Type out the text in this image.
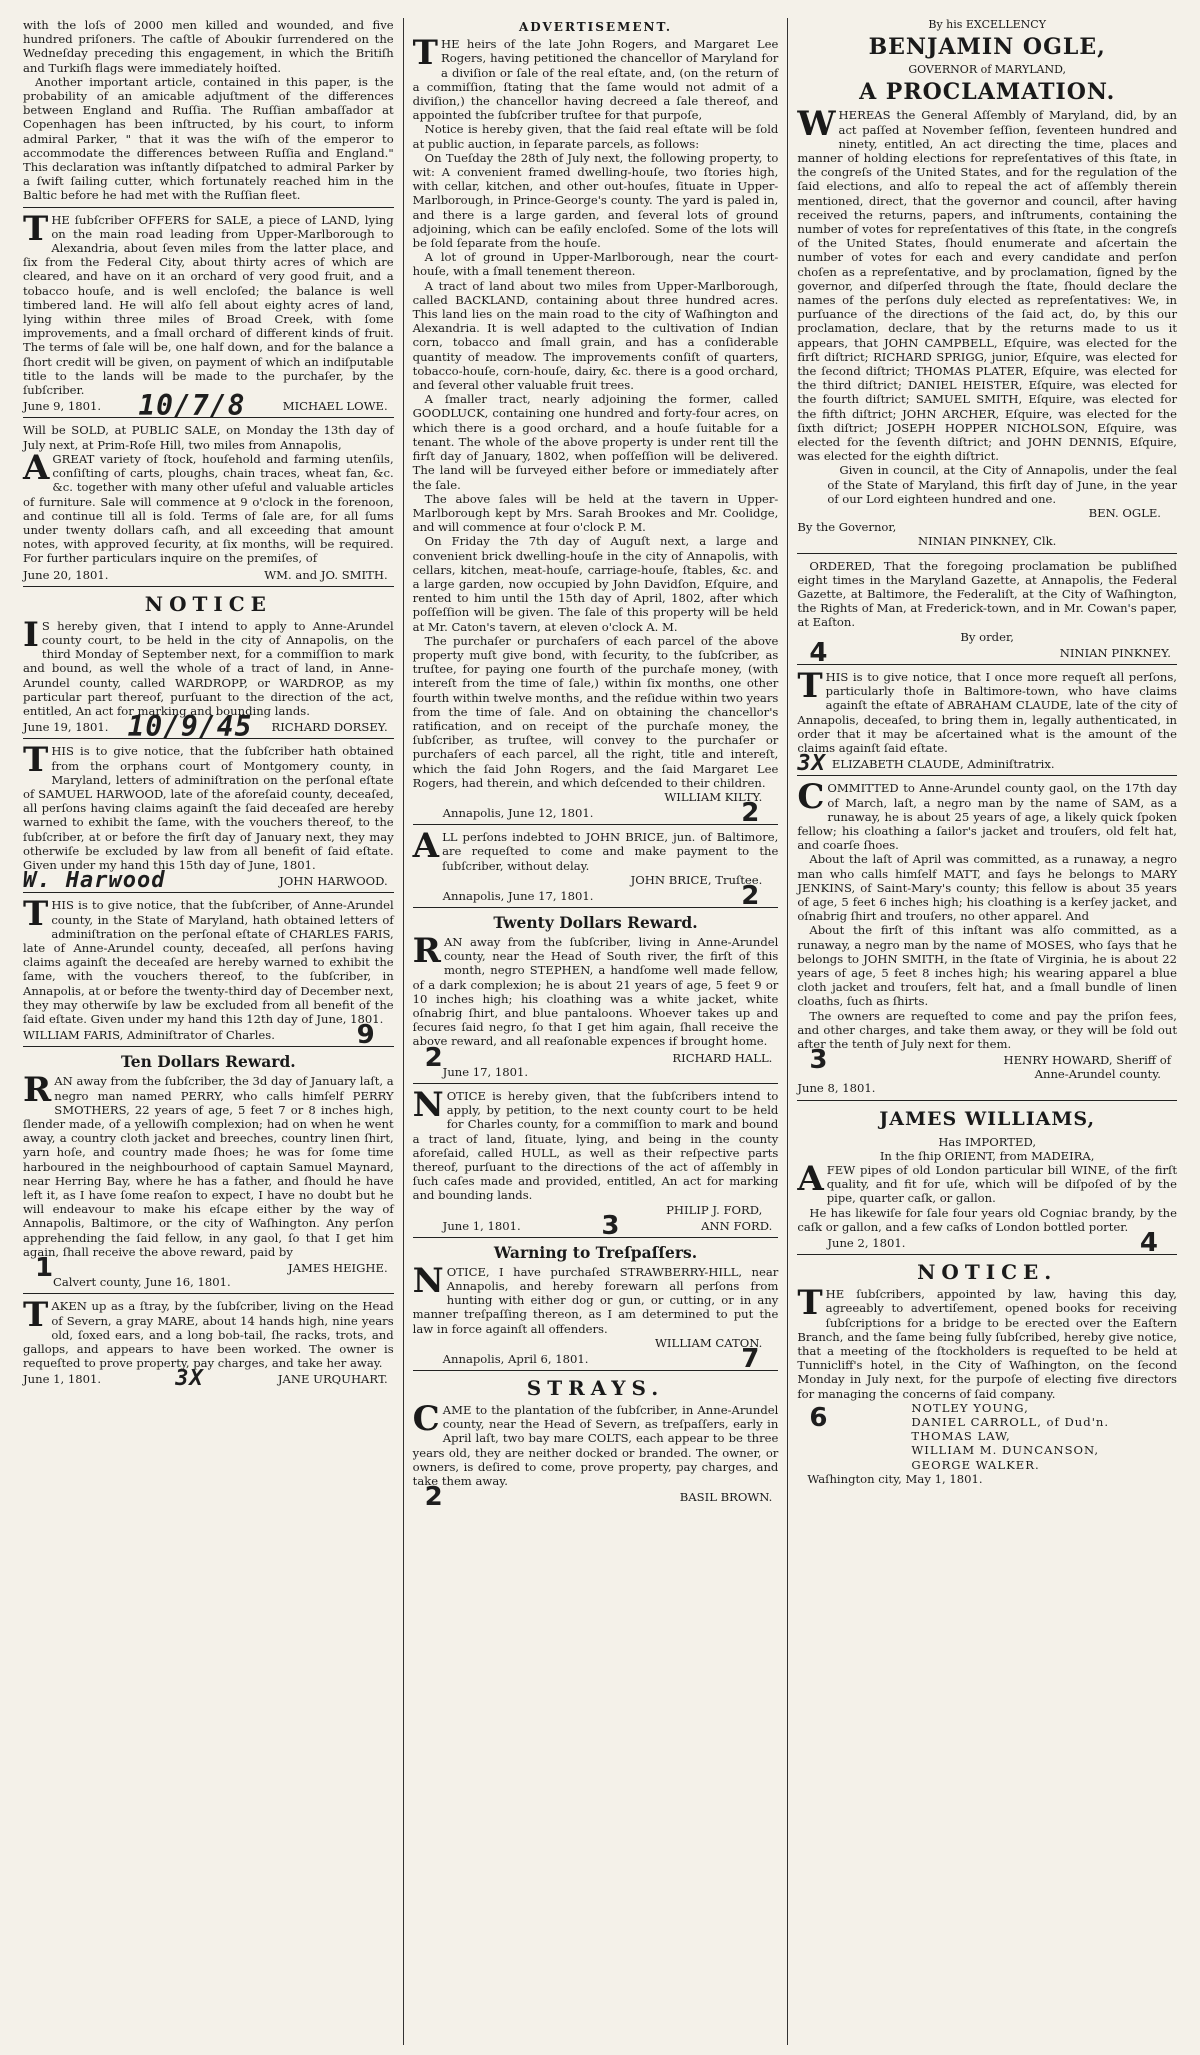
with the loſs of 2000 men killed and wounded, and five hundred priſoners. The caſtle of Aboukir ſurrendered on the Wedneſday preceding this engagement, in which the Britiſh and Turkiſh flags were immediately hoiſted.

Another important article, contained in this paper, is the probability of an amicable adjuſtment of the differences between England and Ruſſia. The Ruſſian ambaſſador at Copenhagen has been inſtructed, by his court, to inform admiral Parker, " that it was the wiſh of the emperor to accommodate the differences between Ruſſia and England." This declaration was inſtantly diſpatched to admiral Parker by a ſwift ſailing cutter, which fortunately reached him in the Baltic before he had met with the Ruſſian fleet.

THE ſubſcriber OFFERS for SALE, a piece of LAND, lying on the main road leading from Upper-Marlborough to Alexandria, about ſeven miles from the latter place, and ſix from the Federal City, about thirty acres of which are cleared, and have on it an orchard of very good fruit, and a tobacco houſe, and is well encloſed; the balance is well timbered land. He will alſo ſell about eighty acres of land, lying within three miles of Broad Creek, with ſome improvements, and a ſmall orchard of different kinds of fruit. The terms of ſale will be, one half down, and for the balance a ſhort credit will be given, on payment of which an indiſputable title to the lands will be made to the purchaſer, by the ſubſcriber.

June 9, 1801. 10/7/8	MICHAEL LOWE.

Will be SOLD, at PUBLIC SALE, on Monday the 13th day of July next, at Prim-Roſe Hill, two miles from Annapolis,

AGREAT variety of ſtock, houſehold and farming utenſils, conſiſting of carts, ploughs, chain traces, wheat fan, &c. &c. together with many other uſeful and valuable articles of furniture. Sale will commence at 9 o'clock in the forenoon, and continue till all is ſold. Terms of ſale are, for all ſums under twenty dollars caſh, and all exceeding that amount notes, with approved ſecurity, at ſix months, will be required. For further particulars inquire on the premiſes, of

June 20, 1801.	WM. and JO. SMITH.
NOTICE

IS hereby given, that I intend to apply to Anne-Arundel county court, to be held in the city of Annapolis, on the third Monday of September next, for a commiſſion to mark and bound, as well the whole of a tract of land, in Anne-Arundel county, called WARDROPP, or WARDROP, as my particular part thereof, purſuant to the direction of the act, entitled, An act for marking and bounding lands.

June 19, 1801. 10/9/45 RICHARD DORSEY.

THIS is to give notice, that the ſubſcriber hath obtained from the orphans court of Montgomery county, in Maryland, letters of adminiſtration on the perſonal eſtate of SAMUEL HARWOOD, late of the aforeſaid county, deceaſed, all perſons having claims againſt the ſaid deceaſed are hereby warned to exhibit the ſame, with the vouchers thereof, to the ſubſcriber, at or before the firſt day of January next, they may otherwiſe be excluded by law from all benefit of ſaid eſtate. Given under my hand this 15th day of June, 1801.

W. Harwood	JOHN HARWOOD.

THIS is to give notice, that the ſubſcriber, of Anne-Arundel county, in the State of Maryland, hath obtained letters of adminiſtration on the perſonal eſtate of CHARLES FARIS, late of Anne-Arundel county, deceaſed, all perſons having claims againſt the deceaſed are hereby warned to exhibit the ſame, with the vouchers thereof, to the ſubſcriber, in Annapolis, at or before the twenty-third day of December next, they may otherwiſe by law be excluded from all benefit of the ſaid eſtate. Given under my hand this 12th day of June, 1801.

WILLIAM FARIS, Adminiſtrator of Charles.	9
Ten Dollars Reward.

RAN away from the ſubſcriber, the 3d day of January laſt, a negro man named PERRY, who calls himſelf PERRY SMOTHERS, 22 years of age, 5 feet 7 or 8 inches high, ſlender made, of a yellowiſh complexion; had on when he went away, a country cloth jacket and breeches, country linen ſhirt, yarn hoſe, and country made ſhoes; he was for ſome time harboured in the neighbourhood of captain Samuel Maynard, near Herring Bay, where he has a father, and ſhould he have left it, as I have ſome reaſon to expect, I have no doubt but he will endeavour to make his eſcape either by the way of Annapolis, Baltimore, or the city of Waſhington. Any perſon apprehending the ſaid fellow, in any gaol, ſo that I get him again, ſhall receive the above reward, paid by

1	JAMES HEIGHE.
Calvert county, June 16, 1801.

TAKEN up as a ſtray, by the ſubſcriber, living on the Head of Severn, a gray MARE, about 14 hands high, nine years old, ſoxed ears, and a long bob-tail, ſhe racks, trots, and gallops, and appears to have been worked. The owner is requeſted to prove property, pay charges, and take her away.

June 1, 1801.	3X	JANE URQUHART.
ADVERTISEMENT.

THE heirs of the late John Rogers, and Margaret Lee Rogers, having petitioned the chancellor of Maryland for a diviſion or ſale of the real eſtate, and, (on the return of a commiſſion, ſtating that the ſame would not admit of a diviſion,) the chancellor having decreed a ſale thereof, and appointed the ſubſcriber truſtee for that purpoſe,

Notice is hereby given, that the ſaid real eſtate will be ſold at public auction, in ſeparate parcels, as follows:

On Tueſday the 28th of July next, the following property, to wit: A convenient framed dwelling-houſe, two ſtories high, with cellar, kitchen, and other out-houſes, ſituate in Upper-Marlborough, in Prince-George's county. The yard is paled in, and there is a large garden, and ſeveral lots of ground adjoining, which can be eaſily encloſed. Some of the lots will be ſold ſeparate from the houſe.

A lot of ground in Upper-Marlborough, near the court-houſe, with a ſmall tenement thereon.

A tract of land about two miles from Upper-Marlborough, called BACKLAND, containing about three hundred acres. This land lies on the main road to the city of Waſhington and Alexandria. It is well adapted to the cultivation of Indian corn, tobacco and ſmall grain, and has a conſiderable quantity of meadow. The improvements conſiſt of quarters, tobacco-houſe, corn-houſe, dairy, &c. there is a good orchard, and ſeveral other valuable fruit trees.

A ſmaller tract, nearly adjoining the former, called GOODLUCK, containing one hundred and forty-four acres, on which there is a good orchard, and a houſe ſuitable for a tenant. The whole of the above property is under rent till the firſt day of January, 1802, when poſſeſſion will be delivered. The land will be ſurveyed either before or immediately after the ſale.

The above ſales will be held at the tavern in Upper-Marlborough kept by Mrs. Sarah Brookes and Mr. Coolidge, and will commence at four o'clock P. M.

On Friday the 7th day of Auguſt next, a large and convenient brick dwelling-houſe in the city of Annapolis, with cellars, kitchen, meat-houſe, carriage-houſe, ſtables, &c. and a large garden, now occupied by John Davidſon, Eſquire, and rented to him until the 15th day of April, 1802, after which poſſeſſion will be given. The ſale of this property will be held at Mr. Caton's tavern, at eleven o'clock A. M.

The purchaſer or purchaſers of each parcel of the above property muſt give bond, with ſecurity, to the ſubſcriber, as truſtee, for paying one fourth of the purchaſe money, (with intereſt from the time of ſale,) within ſix months, one other fourth within twelve months, and the reſidue within two years from the time of ſale. And on obtaining the chancellor's ratification, and on receipt of the purchaſe money, the ſubſcriber, as truſtee, will convey to the purchaſer or purchaſers of each parcel, all the right, title and intereſt, which the ſaid John Rogers, and the ſaid Margaret Lee Rogers, had therein, and which deſcended to their children.

WILLIAM KILTY.
Annapolis, June 12, 1801.	2

ALL perſons indebted to JOHN BRICE, jun. of Baltimore, are requeſted to come and make payment to the ſubſcriber, without delay.

JOHN BRICE, Truſtee.
Annapolis, June 17, 1801.	2
Twenty Dollars Reward.

RAN away from the ſubſcriber, living in Anne-Arundel county, near the Head of South river, the firſt of this month, negro STEPHEN, a handſome well made fellow, of a dark complexion; he is about 21 years of age, 5 feet 9 or 10 inches high; his cloathing was a white jacket, white oſnabrig ſhirt, and blue pantaloons. Whoever takes up and ſecures ſaid negro, ſo that I get him again, ſhall receive the above reward, and all reaſonable expences if brought home.

2	RICHARD HALL.
June 17, 1801.

NOTICE is hereby given, that the ſubſcribers intend to apply, by petition, to the next county court to be held for Charles county, for a commiſſion to mark and bound a tract of land, ſituate, lying, and being in the county aforeſaid, called HULL, as well as their reſpective parts thereof, purſuant to the directions of the act of aſſembly in ſuch caſes made and provided, entitled, An act for marking and bounding lands.

PHILIP J. FORD,
June 1, 1801.	3	ANN FORD.
Warning to Treſpaſſers.

NOTICE, I have purchaſed STRAWBERRY-HILL, near Annapolis, and hereby forewarn all perſons from hunting with either dog or gun, or cutting, or in any manner treſpaſſing thereon, as I am determined to put the law in force againſt all offenders.

WILLIAM CATON.
Annapolis, April 6, 1801.	7
STRAYS.

CAME to the plantation of the ſubſcriber, in Anne-Arundel county, near the Head of Severn, as treſpaſſers, early in April laſt, two bay mare COLTS, each appear to be three years old, they are neither docked or branded. The owner, or owners, is deſired to come, prove property, pay charges, and take them away.

2	BASIL BROWN.
By his EXCELLENCY
BENJAMIN OGLE,
GOVERNOR of MARYLAND,
A PROCLAMATION.

WHEREAS the General Aſſembly of Maryland, did, by an act paſſed at November ſeſſion, ſeventeen hundred and ninety, entitled, An act directing the time, places and manner of holding elections for repreſentatives of this ſtate, in the congreſs of the United States, and for the regulation of the ſaid elections, and alſo to repeal the act of aſſembly therein mentioned, direct, that the governor and council, after having received the returns, papers, and inſtruments, containing the number of votes for repreſentatives of this ſtate, in the congreſs of the United States, ſhould enumerate and aſcertain the number of votes for each and every candidate and perſon choſen as a repreſentative, and by proclamation, ſigned by the governor, and diſperſed through the ſtate, ſhould declare the names of the perſons duly elected as repreſentatives: We, in purſuance of the directions of the ſaid act, do, by this our proclamation, declare, that by the returns made to us it appears, that JOHN CAMPBELL, Eſquire, was elected for the firſt diſtrict; RICHARD SPRIGG, junior, Eſquire, was elected for the ſecond diſtrict; THOMAS PLATER, Eſquire, was elected for the third diſtrict; DANIEL HEISTER, Eſquire, was elected for the fourth diſtrict; SAMUEL SMITH, Eſquire, was elected for the fifth diſtrict; JOHN ARCHER, Eſquire, was elected for the ſixth diſtrict; JOSEPH HOPPER NICHOLSON, Eſquire, was elected for the ſeventh diſtrict; and JOHN DENNIS, Eſquire, was elected for the eighth diſtrict.

Given in council, at the City of Annapolis, under the ſeal of the State of Maryland, this firſt day of June, in the year of our Lord eighteen hundred and one.

BEN. OGLE.
By the Governor,
NINIAN PINKNEY, Clk.

ORDERED, That the foregoing proclamation be publiſhed eight times in the Maryland Gazette, at Annapolis, the Federal Gazette, at Baltimore, the Federaliſt, at the City of Waſhington, the Rights of Man, at Frederick-town, and in Mr. Cowan's paper, at Eaſton.

By order,
4	NINIAN PINKNEY.

THIS is to give notice, that I once more requeſt all perſons, particularly thoſe in Baltimore-town, who have claims againſt the eſtate of ABRAHAM CLAUDE, late of the city of Annapolis, deceaſed, to bring them in, legally authenticated, in order that it may be aſcertained what is the amount of the claims againſt ſaid eſtate.

3X ELIZABETH CLAUDE, Adminiſtratrix.

COMMITTED to Anne-Arundel county gaol, on the 17th day of March, laſt, a negro man by the name of SAM, as a runaway, he is about 25 years of age, a likely quick ſpoken fellow; his cloathing a ſailor's jacket and trouſers, old felt hat, and coarſe ſhoes.

About the laſt of April was committed, as a runaway, a negro man who calls himſelf MATT, and ſays he belongs to MARY JENKINS, of Saint-Mary's county; this fellow is about 35 years of age, 5 feet 6 inches high; his cloathing is a kerſey jacket, and oſnabrig ſhirt and trouſers, no other apparel. And

About the firſt of this inſtant was alſo committed, as a runaway, a negro man by the name of MOSES, who ſays that he belongs to JOHN SMITH, in the ſtate of Virginia, he is about 22 years of age, 5 feet 8 inches high; his wearing apparel a blue cloth jacket and trouſers, felt hat, and a ſmall bundle of linen cloaths, ſuch as ſhirts.

The owners are requeſted to come and pay the priſon fees, and other charges, and take them away, or they will be ſold out after the tenth of July next for them.

3	HENRY HOWARD, Sheriff of
Anne-Arundel county.
June 8, 1801.
JAMES WILLIAMS,
Has IMPORTED,
In the ſhip ORIENT, from MADEIRA,

AFEW pipes of old London particular bill WINE, of the firſt quality, and fit for uſe, which will be diſpoſed of by the pipe, quarter caſk, or gallon.

He has likewiſe for ſale four years old Cogniac brandy, by the caſk or gallon, and a few caſks of London bottled porter.

June 2, 1801.	4
NOTICE.

THE ſubſcribers, appointed by law, having this day, agreeably to advertiſement, opened books for receiving ſubſcriptions for a bridge to be erected over the Eaſtern Branch, and the ſame being fully ſubſcribed, hereby give notice, that a meeting of the ſtockholders is requeſted to be held at Tunnicliff's hotel, in the City of Waſhington, on the ſecond Monday in July next, for the purpoſe of electing five directors for managing the concerns of ſaid company.

6	NOTLEY YOUNG,
DANIEL CARROLL, of Dud'n.
THOMAS LAW,
WILLIAM M. DUNCANSON,
GEORGE WALKER.
Waſhington city, May 1, 1801.
